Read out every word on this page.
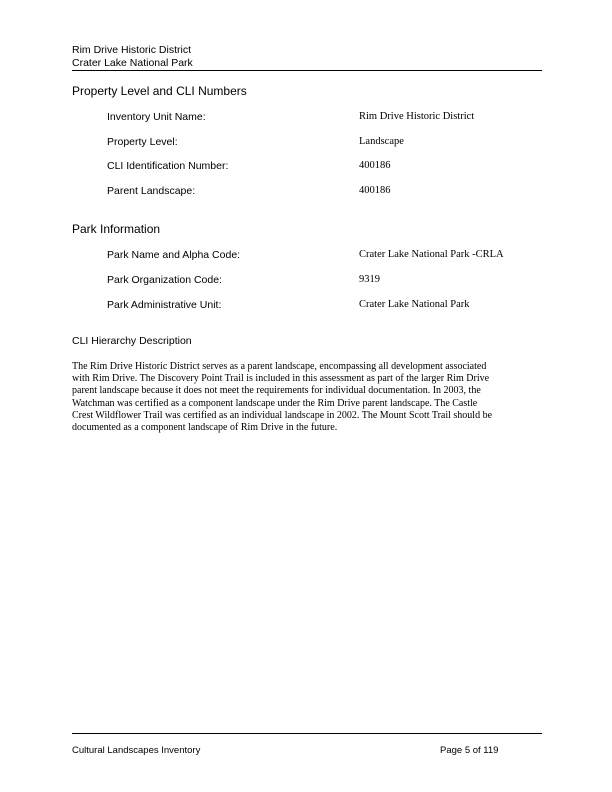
Rim Drive Historic District
Crater Lake National Park
Property Level and CLI Numbers
Inventory Unit Name:	Rim Drive Historic District
Property Level:	Landscape
CLI Identification Number:	400186
Parent Landscape:	400186
Park Information
Park Name and Alpha Code:	Crater Lake National Park -CRLA
Park Organization Code:	9319
Park Administrative Unit:	Crater Lake National Park
CLI Hierarchy Description
The Rim Drive Historic District serves as a parent landscape, encompassing all development associated
with Rim Drive. The Discovery Point Trail is included in this assessment as part of the larger Rim Drive
parent landscape because it does not meet the requirements for individual documentation. In 2003, the
Watchman was certified as a component landscape under the Rim Drive parent landscape. The Castle
Crest Wildflower Trail was certified as an individual landscape in 2002. The Mount Scott Trail should be
documented as a component landscape of Rim Drive in the future.
Cultural Landscapes Inventory	Page 5 of 119
